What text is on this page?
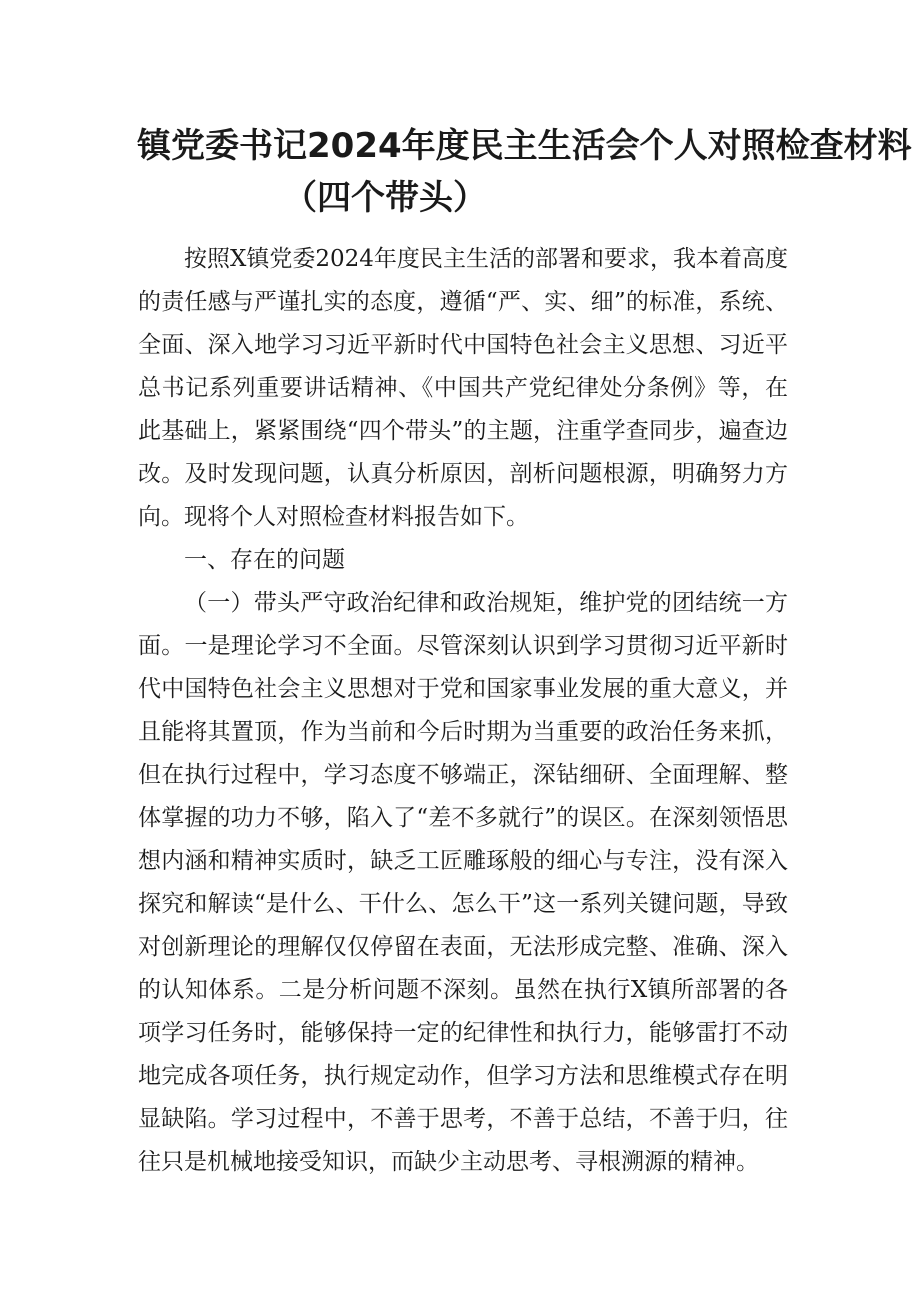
镇党委书记2024年度民主生活会个人对照检查材料
（四个带头）

按照X镇党委2024年度民主生活的部署和要求，我本着高度的责任感与严谨扎实的态度，遵循“严、实、细”的标准，系统、全面、深入地学习习近平新时代中国特色社会主义思想、习近平总书记系列重要讲话精神、《中国共产党纪律处分条例》等，在此基础上，紧紧围绕“四个带头”的主题，注重学查同步，遍查边改。及时发现问题，认真分析原因，剖析问题根源，明确努力方向。现将个人对照检查材料报告如下。

一、存在的问题

（一）带头严守政治纪律和政治规矩，维护党的团结统一方面。一是理论学习不全面。尽管深刻认识到学习贯彻习近平新时代中国特色社会主义思想对于党和国家事业发展的重大意义，并且能将其置顶，作为当前和今后时期为当重要的政治任务来抓，但在执行过程中，学习态度不够端正，深钻细研、全面理解、整体掌握的功力不够，陷入了“差不多就行”的误区。在深刻领悟思想内涵和精神实质时，缺乏工匠雕琢般的细心与专注，没有深入探究和解读“是什么、干什么、怎么干”这一系列关键问题，导致对创新理论的理解仅仅停留在表面，无法形成完整、准确、深入的认知体系。二是分析问题不深刻。虽然在执行X镇所部署的各项学习任务时，能够保持一定的纪律性和执行力，能够雷打不动地完成各项任务，执行规定动作，但学习方法和思维模式存在明显缺陷。学习过程中，不善于思考，不善于总结，不善于归，往往只是机械地接受知识，而缺少主动思考、寻根溯源的精神。
